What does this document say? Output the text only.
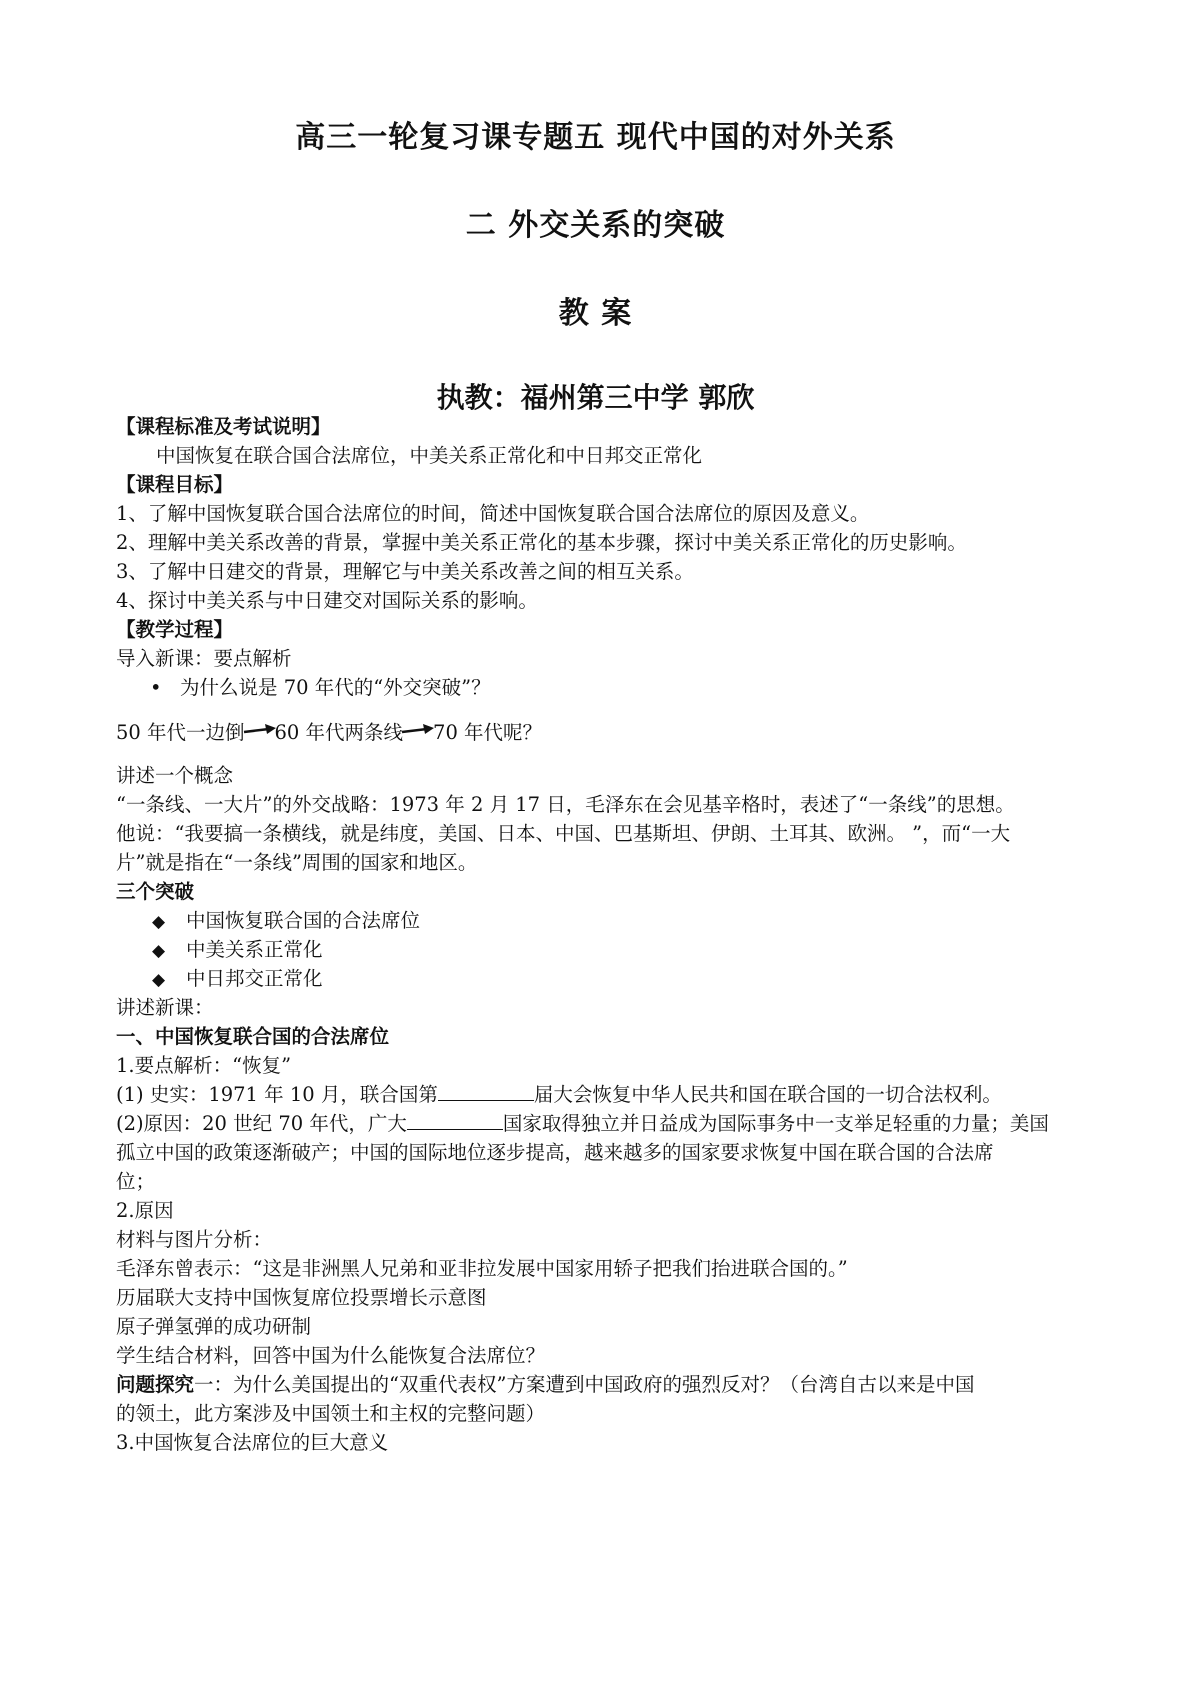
高三一轮复习课专题五 现代中国的对外关系
二 外交关系的突破
教 案
执教：福州第三中学 郭欣
【课程标准及考试说明】
中国恢复在联合国合法席位，中美关系正常化和中日邦交正常化
【课程目标】
1、了解中国恢复联合国合法席位的时间，简述中国恢复联合国合法席位的原因及意义。
2、理解中美关系改善的背景，掌握中美关系正常化的基本步骤，探讨中美关系正常化的历史影响。
3、了解中日建交的背景，理解它与中美关系改善之间的相互关系。
4、探讨中美关系与中日建交对国际关系的影响。
【教学过程】
导入新课：要点解析
• 为什么说是 70 年代的“外交突破”？
50 年代一边倒 60 年代两条线 70 年代呢？
讲述一个概念
“一条线、一大片”的外交战略：1973 年 2 月 17 日，毛泽东在会见基辛格时，表述了“一条线”的思想。
他说：“我要搞一条横线，就是纬度，美国、日本、中国、巴基斯坦、伊朗、土耳其、欧洲。 ”，而“一大
片”就是指在“一条线”周围的国家和地区。
三个突破
◆ 中国恢复联合国的合法席位
◆ 中美关系正常化
◆ 中日邦交正常化
讲述新课：
一、中国恢复联合国的合法席位
1.要点解析：“恢复”
(1) 史实：1971 年 10 月，联合国第	届大会恢复中华人民共和国在联合国的一切合法权利。
(2)原因：20 世纪 70 年代，广大	国家取得独立并日益成为国际事务中一支举足轻重的力量；美国
孤立中国的政策逐渐破产；中国的国际地位逐步提高，越来越多的国家要求恢复中国在联合国的合法席
位；
2.原因
材料与图片分析：
毛泽东曾表示：“这是非洲黑人兄弟和亚非拉发展中国家用轿子把我们抬进联合国的。”
历届联大支持中国恢复席位投票增长示意图
原子弹氢弹的成功研制
学生结合材料，回答中国为什么能恢复合法席位？
问题探究一：为什么美国提出的“双重代表权”方案遭到中国政府的强烈反对？（台湾自古以来是中国
的领土，此方案涉及中国领土和主权的完整问题）
3.中国恢复合法席位的巨大意义
